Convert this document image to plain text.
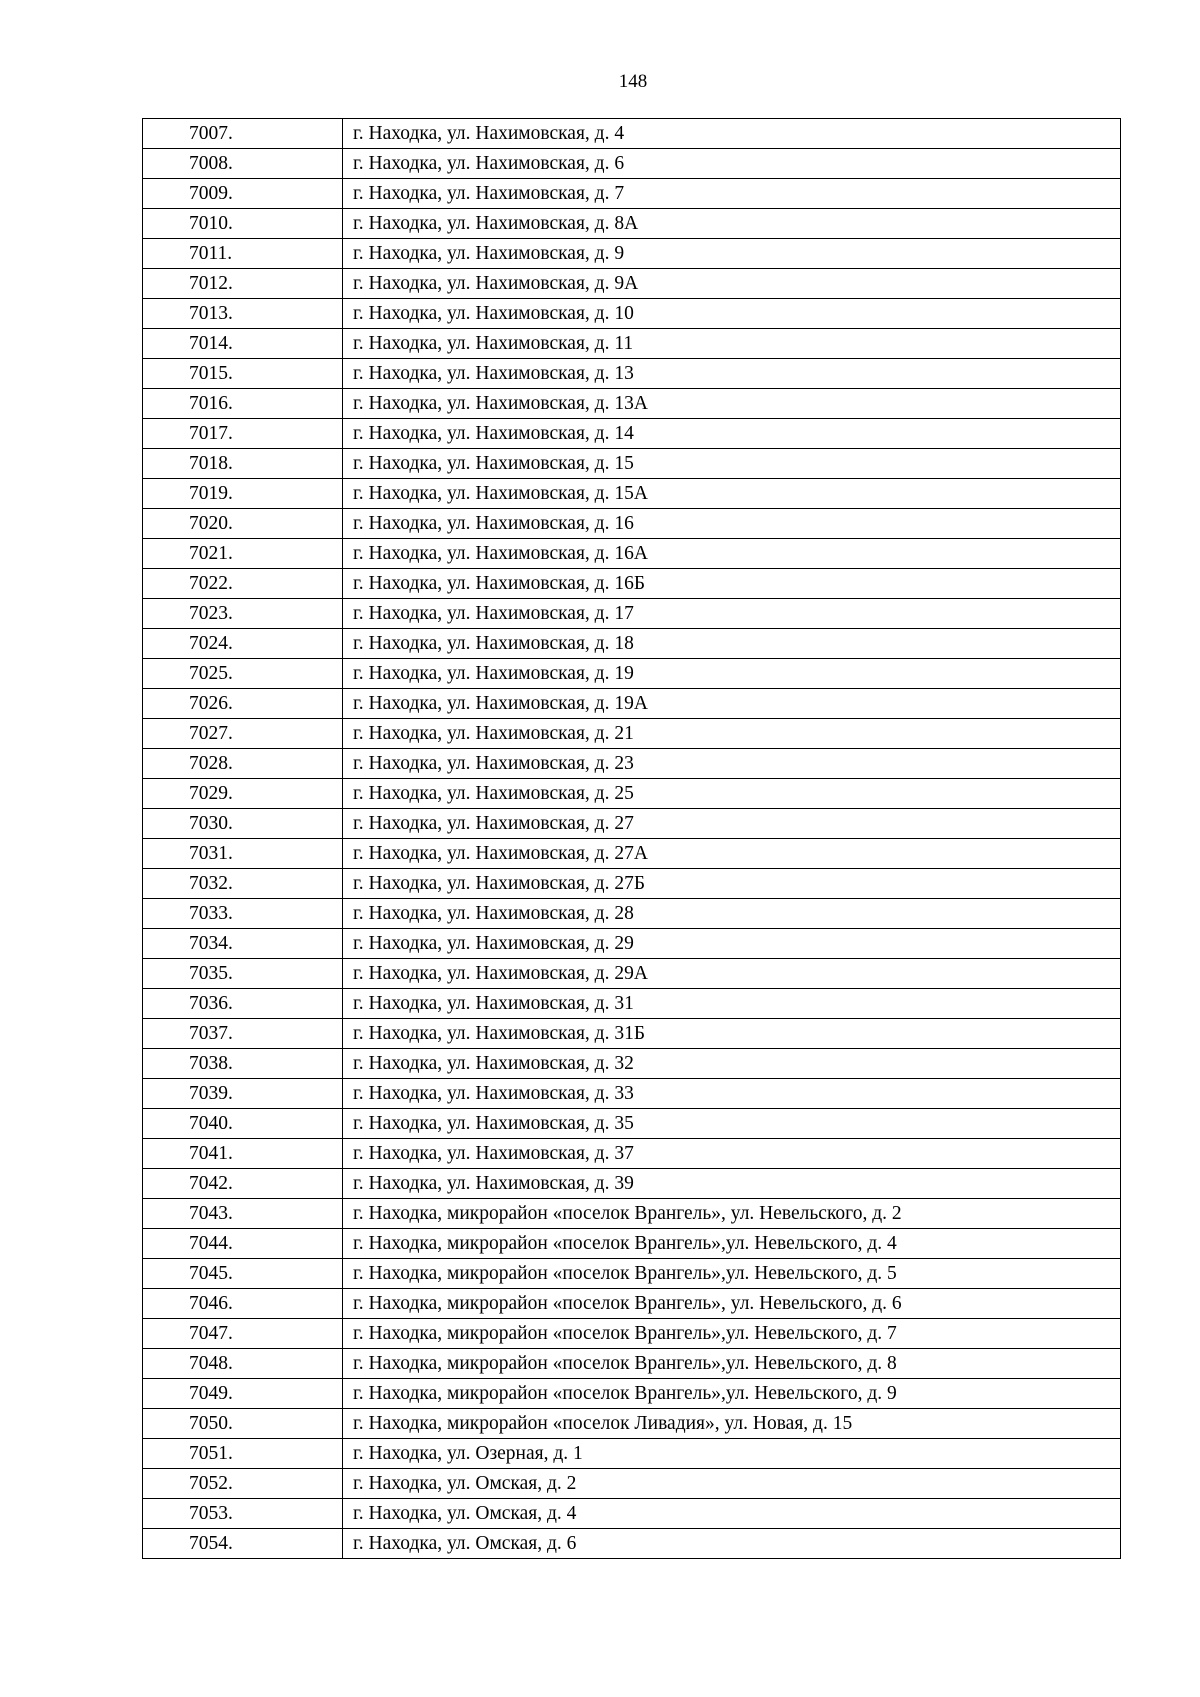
148
7007.	г. Находка, ул. Нахимовская, д. 4
7008.	г. Находка, ул. Нахимовская, д. 6
7009.	г. Находка, ул. Нахимовская, д. 7
7010.	г. Находка, ул. Нахимовская, д. 8А
7011.	г. Находка, ул. Нахимовская, д. 9
7012.	г. Находка, ул. Нахимовская, д. 9А
7013.	г. Находка, ул. Нахимовская, д. 10
7014.	г. Находка, ул. Нахимовская, д. 11
7015.	г. Находка, ул. Нахимовская, д. 13
7016.	г. Находка, ул. Нахимовская, д. 13А
7017.	г. Находка, ул. Нахимовская, д. 14
7018.	г. Находка, ул. Нахимовская, д. 15
7019.	г. Находка, ул. Нахимовская, д. 15А
7020.	г. Находка, ул. Нахимовская, д. 16
7021.	г. Находка, ул. Нахимовская, д. 16А
7022.	г. Находка, ул. Нахимовская, д. 16Б
7023.	г. Находка, ул. Нахимовская, д. 17
7024.	г. Находка, ул. Нахимовская, д. 18
7025.	г. Находка, ул. Нахимовская, д. 19
7026.	г. Находка, ул. Нахимовская, д. 19А
7027.	г. Находка, ул. Нахимовская, д. 21
7028.	г. Находка, ул. Нахимовская, д. 23
7029.	г. Находка, ул. Нахимовская, д. 25
7030.	г. Находка, ул. Нахимовская, д. 27
7031.	г. Находка, ул. Нахимовская, д. 27А
7032.	г. Находка, ул. Нахимовская, д. 27Б
7033.	г. Находка, ул. Нахимовская, д. 28
7034.	г. Находка, ул. Нахимовская, д. 29
7035.	г. Находка, ул. Нахимовская, д. 29А
7036.	г. Находка, ул. Нахимовская, д. 31
7037.	г. Находка, ул. Нахимовская, д. 31Б
7038.	г. Находка, ул. Нахимовская, д. 32
7039.	г. Находка, ул. Нахимовская, д. 33
7040.	г. Находка, ул. Нахимовская, д. 35
7041.	г. Находка, ул. Нахимовская, д. 37
7042.	г. Находка, ул. Нахимовская, д. 39
7043.	г. Находка, микрорайон «поселок Врангель», ул. Невельского, д. 2
7044.	г. Находка, микрорайон «поселок Врангель»,ул. Невельского, д. 4
7045.	г. Находка, микрорайон «поселок Врангель»,ул. Невельского, д. 5
7046.	г. Находка, микрорайон «поселок Врангель», ул. Невельского, д. 6
7047.	г. Находка, микрорайон «поселок Врангель»,ул. Невельского, д. 7
7048.	г. Находка, микрорайон «поселок Врангель»,ул. Невельского, д. 8
7049.	г. Находка, микрорайон «поселок Врангель»,ул. Невельского, д. 9
7050.	г. Находка, микрорайон «поселок Ливадия», ул. Новая, д. 15
7051.	г. Находка, ул. Озерная, д. 1
7052.	г. Находка, ул. Омская, д. 2
7053.	г. Находка, ул. Омская, д. 4
7054.	г. Находка, ул. Омская, д. 6
